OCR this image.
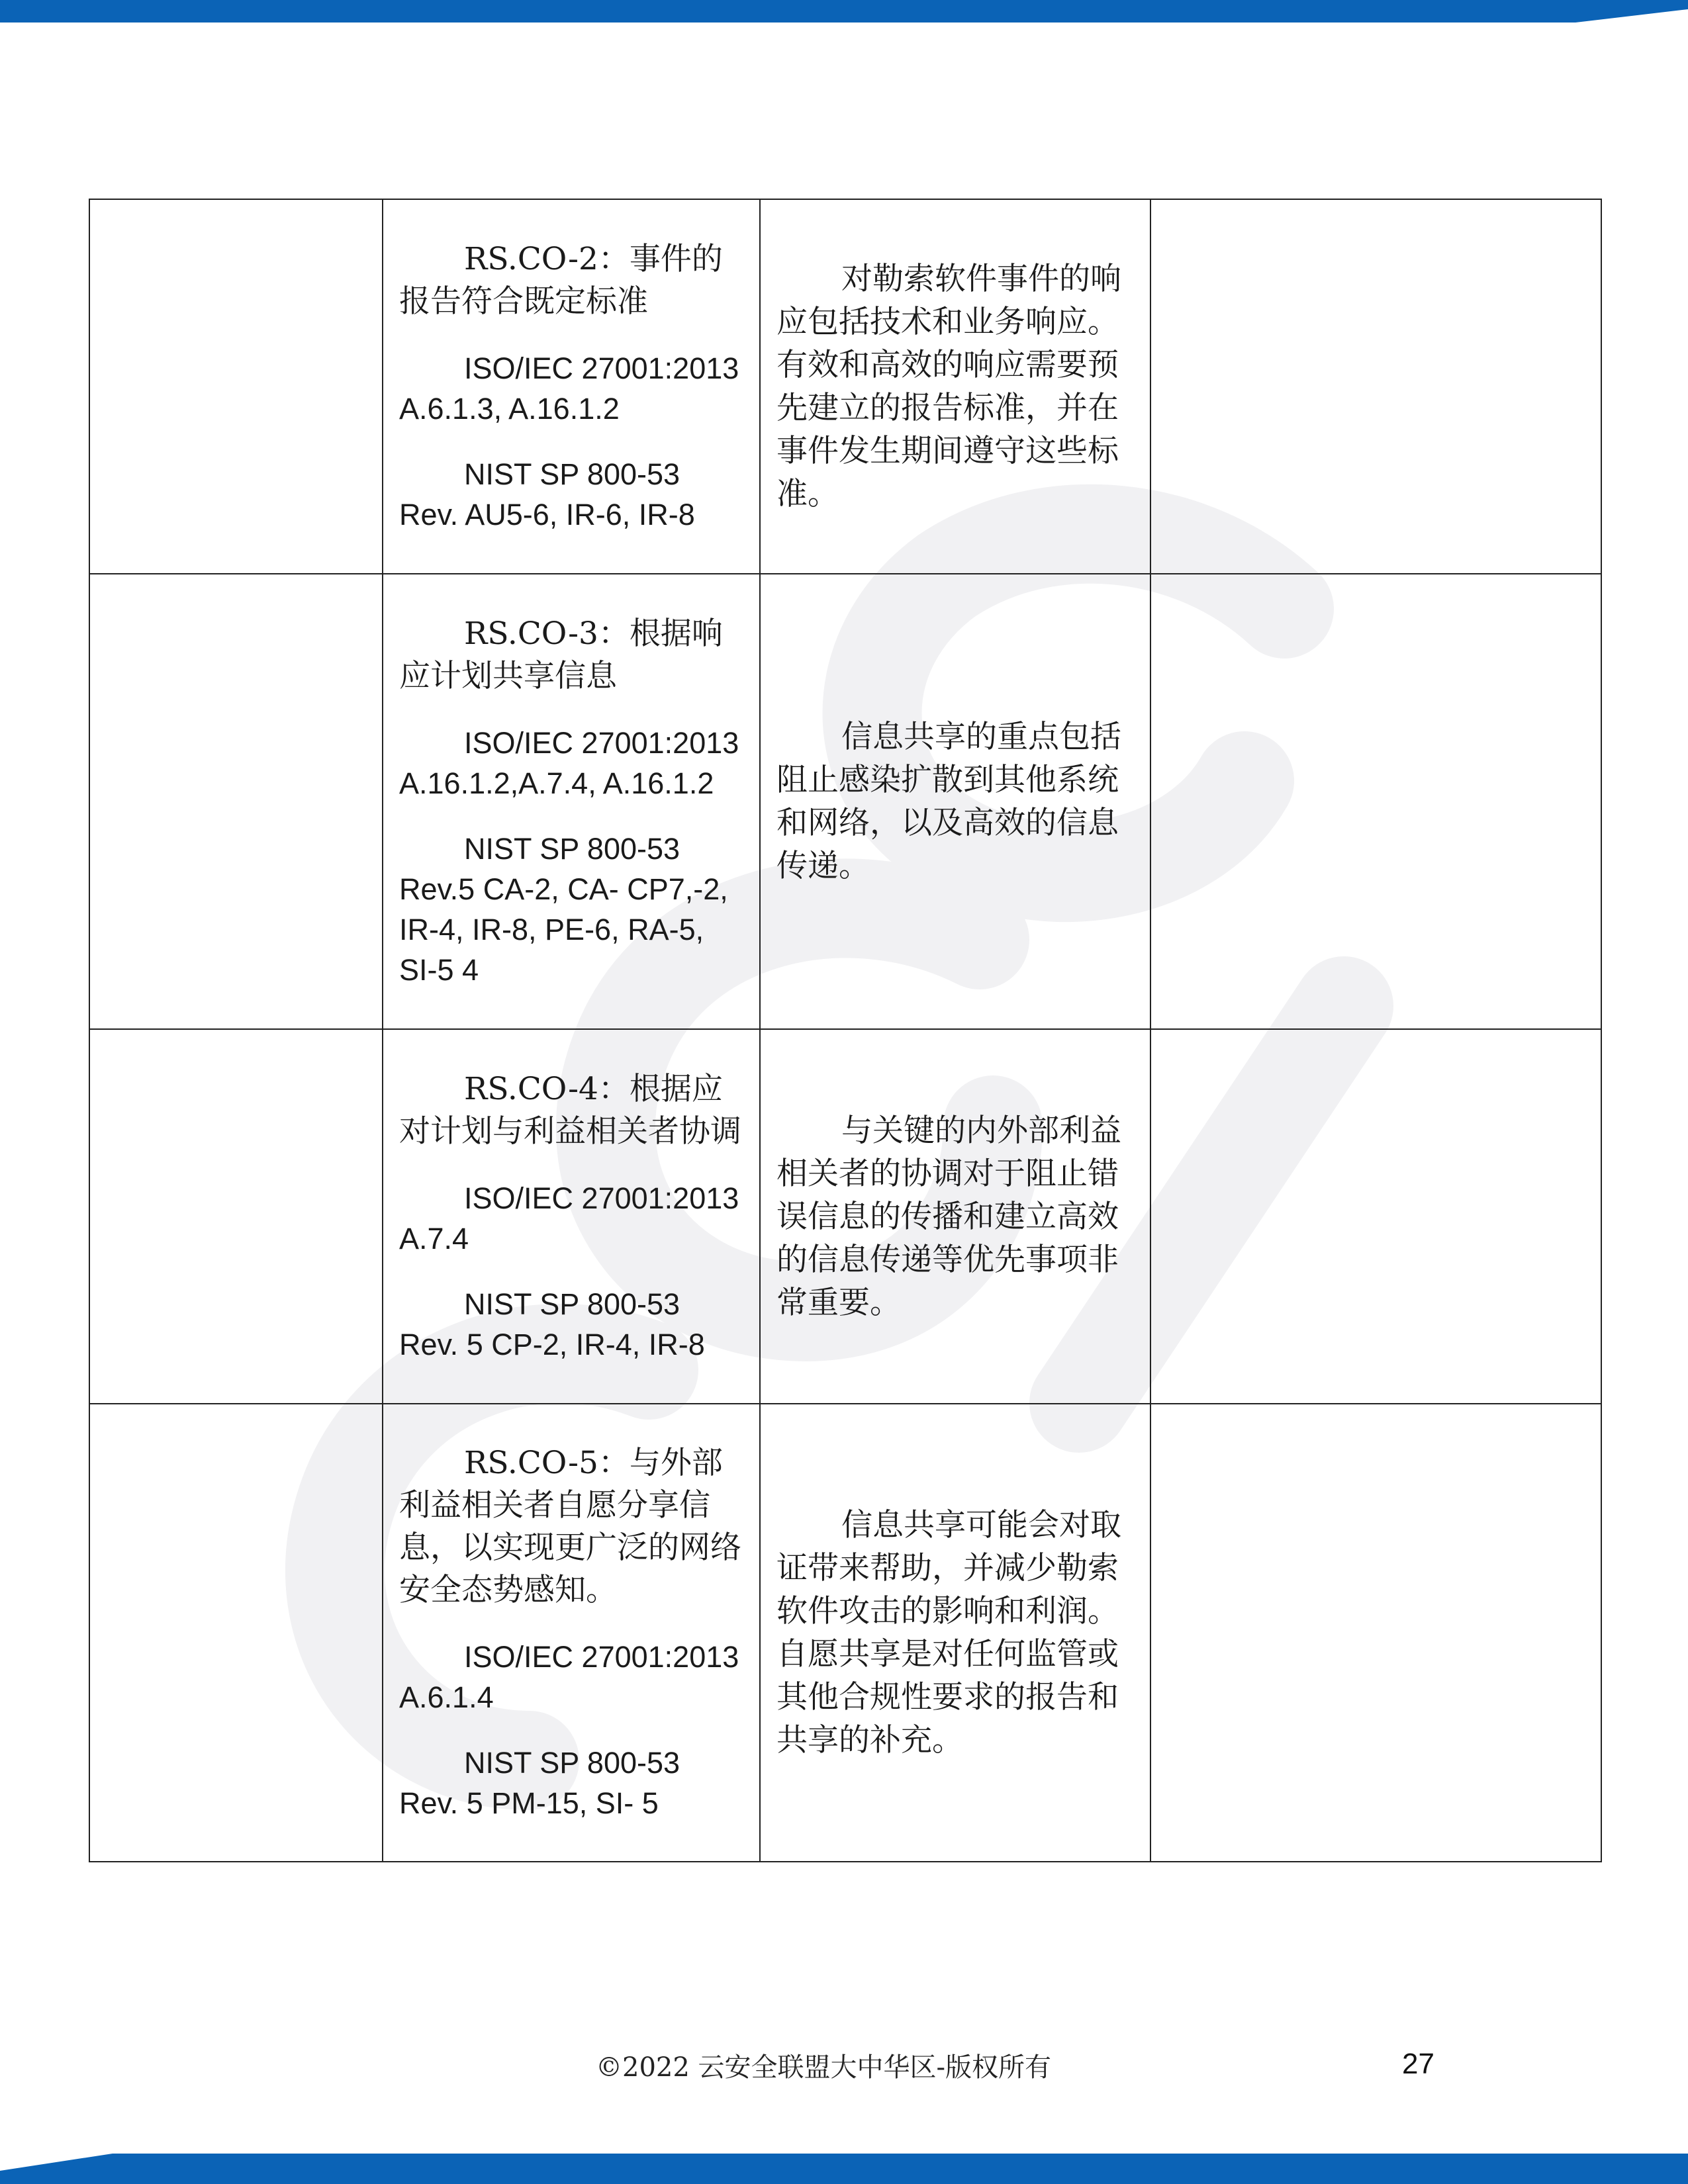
	RS.CO-2：事件的报告符合既定标准

ISO/IEC 27001:2013 A.6.1.3, A.16.1.2

NIST SP 800-53 Rev. AU5-6, IR-6, IR-8	对勒索软件事件的响应包括技术和业务响应。有效和高效的响应需要预先建立的报告标准，并在事件发生期间遵守这些标准。	

	RS.CO-3：根据响应计划共享信息

ISO/IEC 27001:2013 A.16.1.2,A.7.4, A.16.1.2

NIST SP 800-53 Rev.5 CA-2, CA- CP7,-2, IR-4, IR-8, PE-6, RA-5, SI-5 4	信息共享的重点包括阻止感染扩散到其他系统和网络，以及高效的信息传递。	

	RS.CO-4：根据应对计划与利益相关者协调

ISO/IEC 27001:2013 A.7.4

NIST SP 800-53 Rev. 5 CP-2, IR-4, IR-8	与关键的内外部利益相关者的协调对于阻止错误信息的传播和建立高效的信息传递等优先事项非常重要。	

	RS.CO-5：与外部利益相关者自愿分享信息，以实现更广泛的网络安全态势感知。

ISO/IEC 27001:2013 A.6.1.4

NIST SP 800-53 Rev. 5 PM-15, SI- 5	信息共享可能会对取证带来帮助，并减少勒索软件攻击的影响和利润。自愿共享是对任何监管或其他合规性要求的报告和共享的补充。	

©2022 云安全联盟大中华区-版权所有	27
